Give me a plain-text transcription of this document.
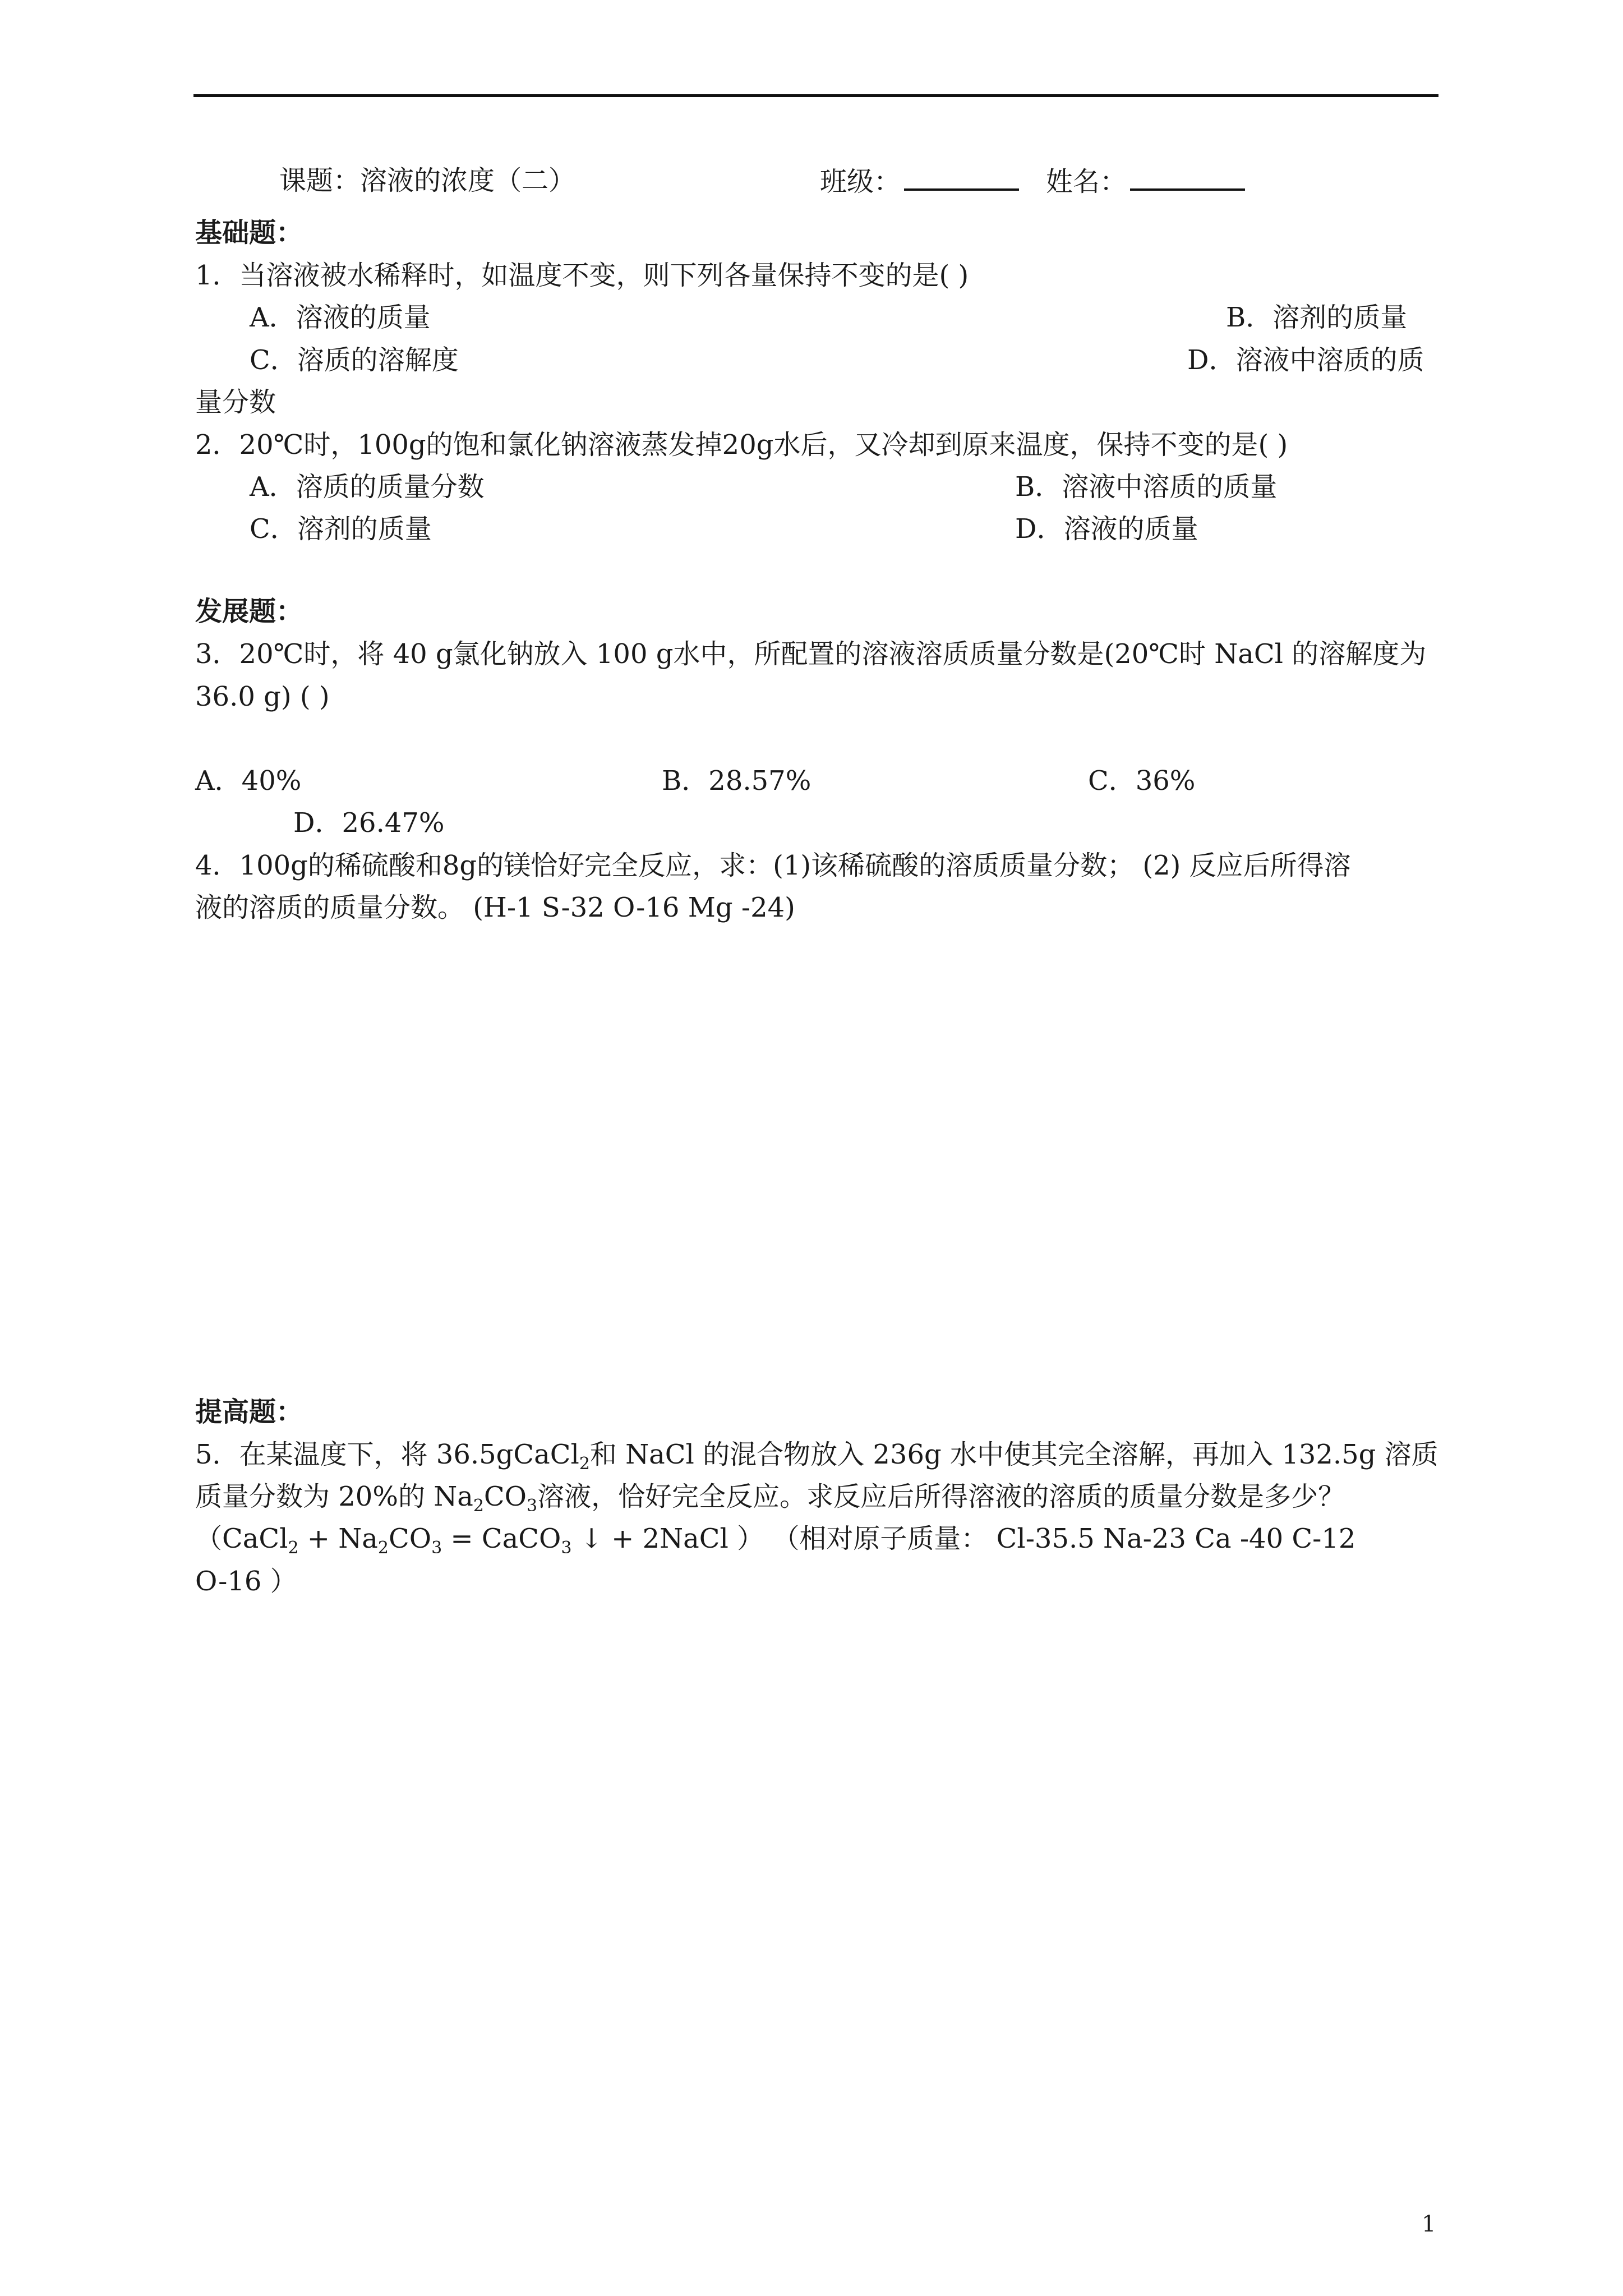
课题：溶液的浓度（二）	班级：	姓名：
基础题：
1．当溶液被水稀释时，如温度不变，则下列各量保持不变的是( )
A．溶液的质量	B．溶剂的质量
C．溶质的溶解度	D．溶液中溶质的质
量分数
2．20℃时，100g的饱和氯化钠溶液蒸发掉20g水后，又冷却到原来温度，保持不变的是( )
A．溶质的质量分数	B．溶液中溶质的质量
C．溶剂的质量	D．溶液的质量
发展题：
3．20℃时，将 40 g氯化钠放入 100 g水中，所配置的溶液溶质质量分数是(20℃时 NaCl 的溶解度为
36.0 g) ( )
A．40%	B．28.57%	C．36%
D．26.47%
4．100g的稀硫酸和8g的镁恰好完全反应，求：(1)该稀硫酸的溶质质量分数； (2) 反应后所得溶
液的溶质的质量分数。 (H-1 S-32 O-16 Mg -24)
提高题：
5．在某温度下，将 36.5gCaCl$_2$和 NaCl 的混合物放入 236g 水中使其完全溶解，再加入 132.5g 溶质
质量分数为 20%的 $Na_2CO_3$溶液，恰好完全反应。求反应后所得溶液的溶质的质量分数是多少？
（CaCl$_2$ + $Na_2CO_3$ = CaCO$_3$ ↓ + 2NaCl ） （相对原子质量： Cl-35.5 Na-23 Ca -40 C-12
O-16 ）
1
